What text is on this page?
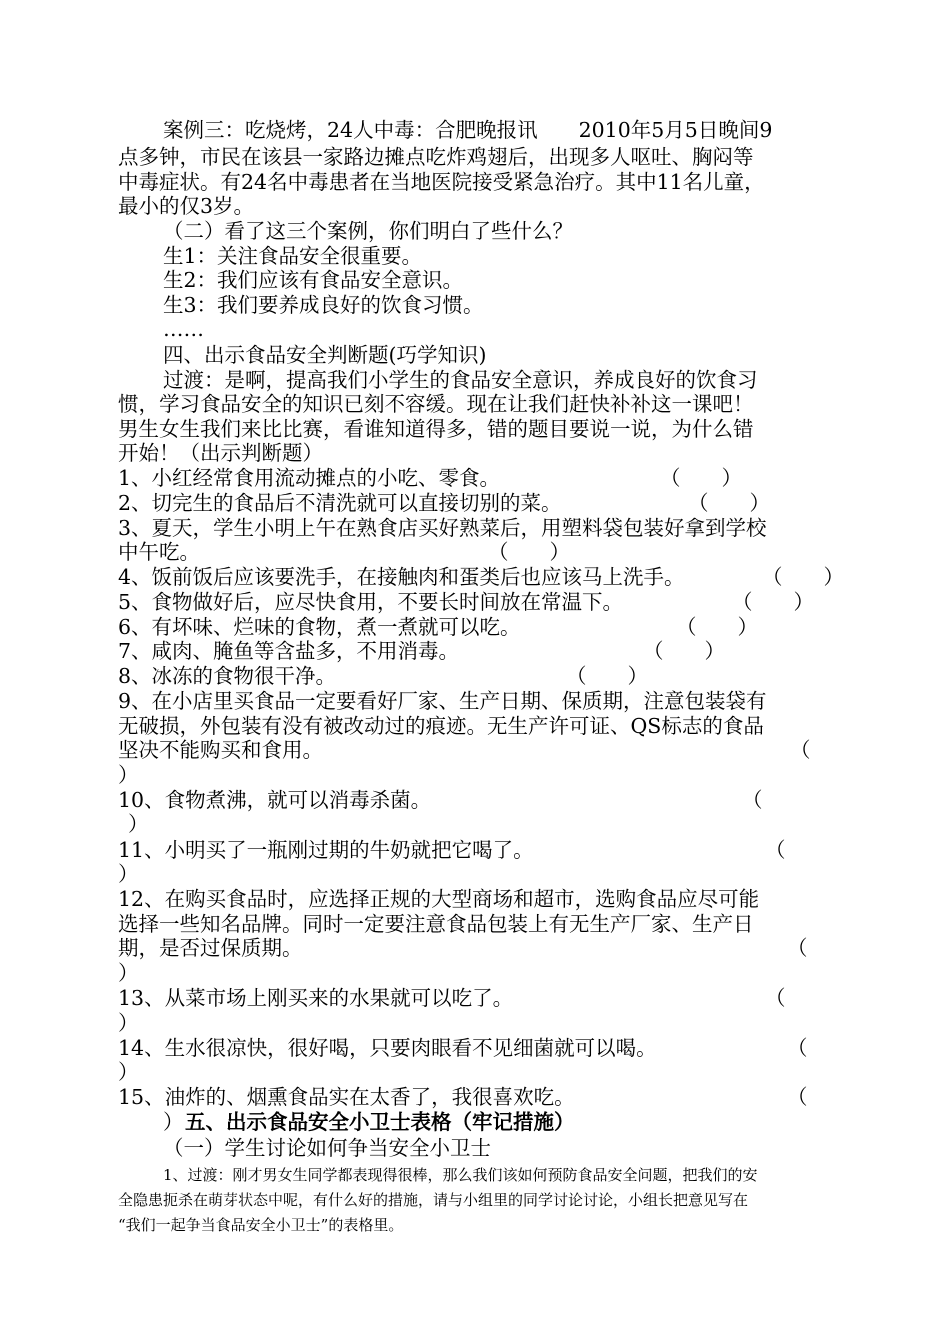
案例三：吃烧烤，24人中毒：合肥晚报讯　　2010年5月5日晚间9

点多钟，市民在该县一家路边摊点吃炸鸡翅后，出现多人呕吐、胸闷等

中毒症状。有24名中毒患者在当地医院接受紧急治疗。其中11名儿童，

最小的仅3岁。

（二）看了这三个案例，你们明白了些什么？

生1：关注食品安全很重要。

生2：我们应该有食品安全意识。

生3：我们要养成良好的饮食习惯。

……

四、出示食品安全判断题(巧学知识)

过渡：是啊，提高我们小学生的食品安全意识，养成良好的饮食习

惯，学习食品安全的知识已刻不容缓。现在让我们赶快补补这一课吧！

男生女生我们来比比赛，看谁知道得多，错的题目要说一说，为什么错

开始！（出示判断题）

1、小红经常食用流动摊点的小吃、零食。	（　　）

2、切完生的食品后不清洗就可以直接切别的菜。	（　　）

3、夏天，学生小明上午在熟食店买好熟菜后，用塑料袋包装好拿到学校

中午吃。	（　　）

4、饭前饭后应该要洗手，在接触肉和蛋类后也应该马上洗手。	（　　）

5、食物做好后，应尽快食用，不要长时间放在常温下。	（　　）

6、有坏味、烂味的食物，煮一煮就可以吃。	（　　）

7、咸肉、腌鱼等含盐多，不用消毒。	（　　）

8、冰冻的食物很干净。	（　　）

9、在小店里买食品一定要看好厂家、生产日期、保质期，注意包装袋有

无破损，外包装有没有被改动过的痕迹。无生产许可证、QS标志的食品

坚决不能购买和食用。	（
）

10、食物煮沸，就可以消毒杀菌。	（
）

11、小明买了一瓶刚过期的牛奶就把它喝了。	（
）

12、在购买食品时，应选择正规的大型商场和超市，选购食品应尽可能

选择一些知名品牌。同时一定要注意食品包装上有无生产厂家、生产日

期，是否过保质期。	（
）

13、从菜市场上刚买来的水果就可以吃了。	（
）

14、生水很凉快，很好喝，只要肉眼看不见细菌就可以喝。	（
）

15、油炸的、烟熏食品实在太香了，我很喜欢吃。	（
） 五、出示食品安全小卫士表格（牢记措施）

（一）学生讨论如何争当安全小卫士

1、过渡：刚才男女生同学都表现得很棒，那么我们该如何预防食品安全问题，把我们的安

全隐患扼杀在萌芽状态中呢，有什么好的措施，请与小组里的同学讨论讨论，小组长把意见写在

“我们一起争当食品安全小卫士”的表格里。
